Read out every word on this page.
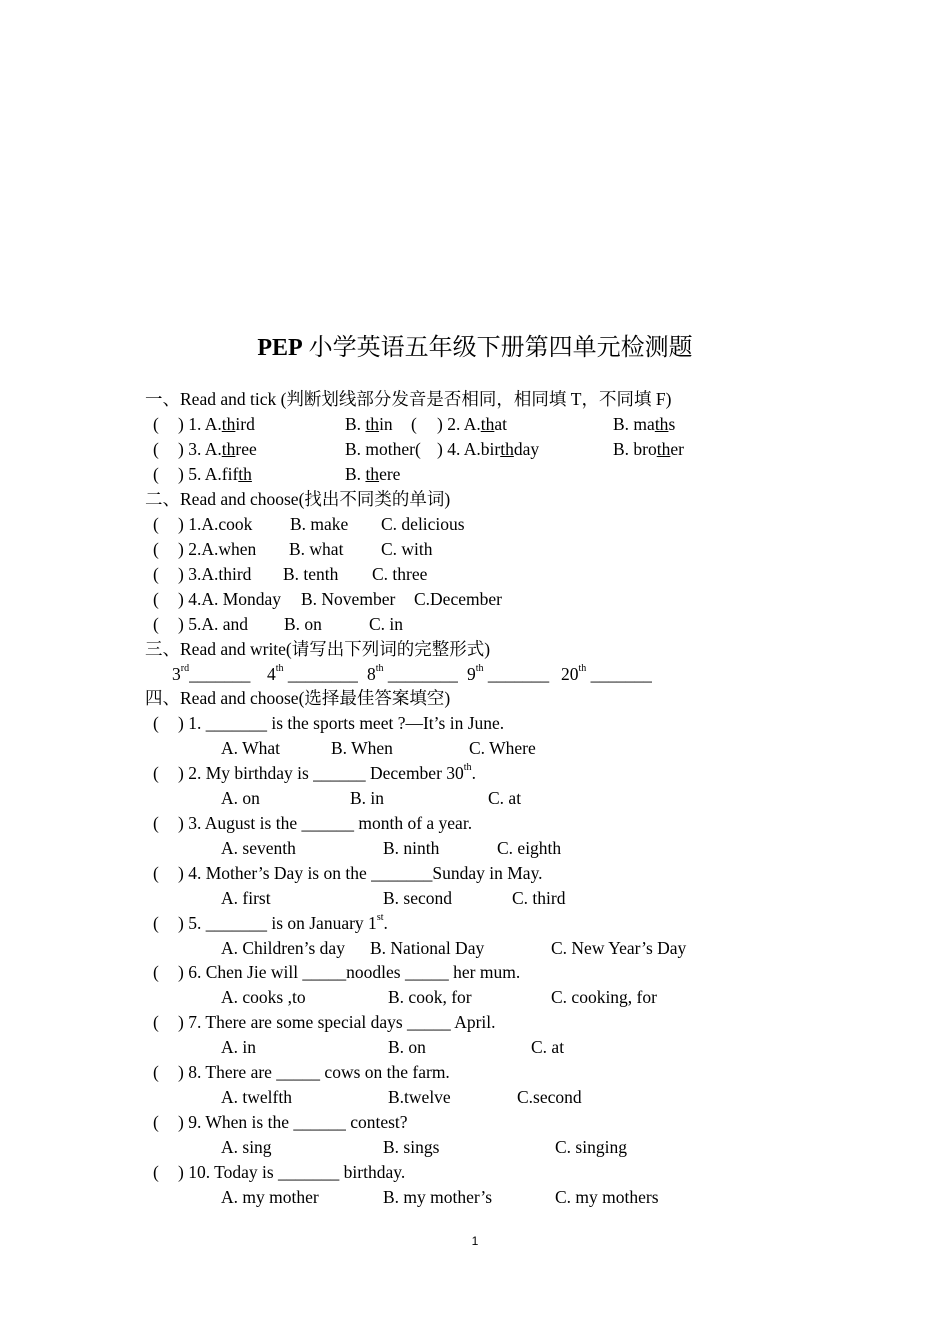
PEP 小学英语五年级下册第四单元检测题
一、Read and tick (判断划线部分发音是否相同，相同填 T，不同填 F)
( ) 1. A.third	B. thin ( ) 2. A.that	B. maths
( ) 3. A.three	B. mother( ) 4. A.birthday	B. brother
( ) 5. A.fifth	B. there
二、Read and choose(找出不同类的单词)
( ) 1.A.cook B. make C. delicious
( ) 2.A.when B. what C. with
( ) 3.A.third B. tenth C. three
( ) 4.A. Monday B. November C.December
( ) 5.A. and B. on	C. in
三、Read and write(请写出下列词的完整形式)
3rd_______ 4th ________ 8th ________ 9th _______ 20th _______
四、Read and choose(选择最佳答案填空)
( ) 1. _______ is the sports meet ?—It’s in June.
A. What	B. When	C. Where
( ) 2. My birthday is ______ December 30th.
A. on	B. in	C. at
( ) 3. August is the ______ month of a year.
A. seventh	B. ninth	C. eighth
( ) 4. Mother’s Day is on the _______Sunday in May.
A. first	B. second	C. third
( ) 5. _______ is on January 1st.
A. Children’s day B. National Day	C. New Year’s Day
( ) 6. Chen Jie will _____noodles _____ her mum.
A. cooks ,to	B. cook, for	C. cooking, for
( ) 7. There are some special days _____ April.
A. in	B. on	C. at
( ) 8. There are _____ cows on the farm.
A. twelfth	B.twelve	C.second
( ) 9. When is the ______ contest?
A. sing	B. sings	C. singing
( ) 10. Today is _______ birthday.
A. my mother	B. my mother’s	C. my mothers
1
